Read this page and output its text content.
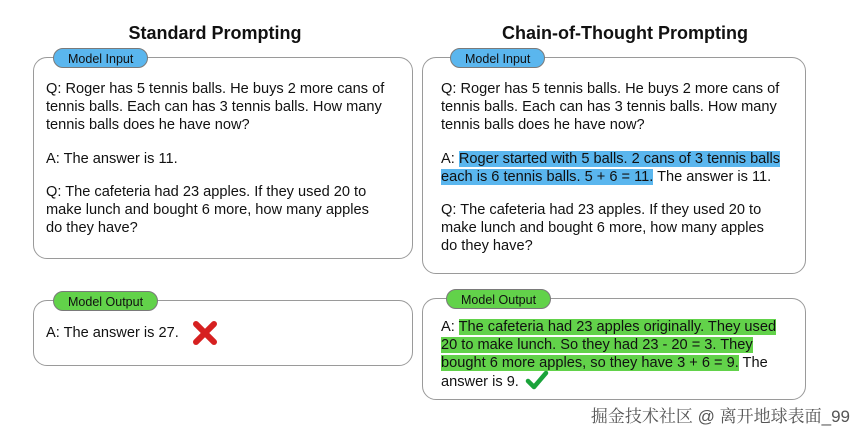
Standard Prompting	Chain-of-Thought Prompting
Model Input

Q: Roger has 5 tennis balls. He buys 2 more cans of

tennis balls. Each can has 3 tennis balls. How many

tennis balls does he have now?

A: The answer is 11.

Q: The cafeteria had 23 apples. If they used 20 to

make lunch and bought 6 more, how many apples

do they have?

Model Output

A: The answer is 27.

Model Input

Q: Roger has 5 tennis balls. He buys 2 more cans of

tennis balls. Each can has 3 tennis balls. How many

tennis balls does he have now?

A: Roger started with 5 balls. 2 cans of 3 tennis balls

each is 6 tennis balls. 5 + 6 = 11. The answer is 11.

Q: The cafeteria had 23 apples. If they used 20 to

make lunch and bought 6 more, how many apples

do they have?

Model Output

A: The cafeteria had 23 apples originally. They used

20 to make lunch. So they had 23 - 20 = 3. They

bought 6 more apples, so they have 3 + 6 = 9. The

answer is 9.

掘金技术社区 @ 离开地球表面_99
